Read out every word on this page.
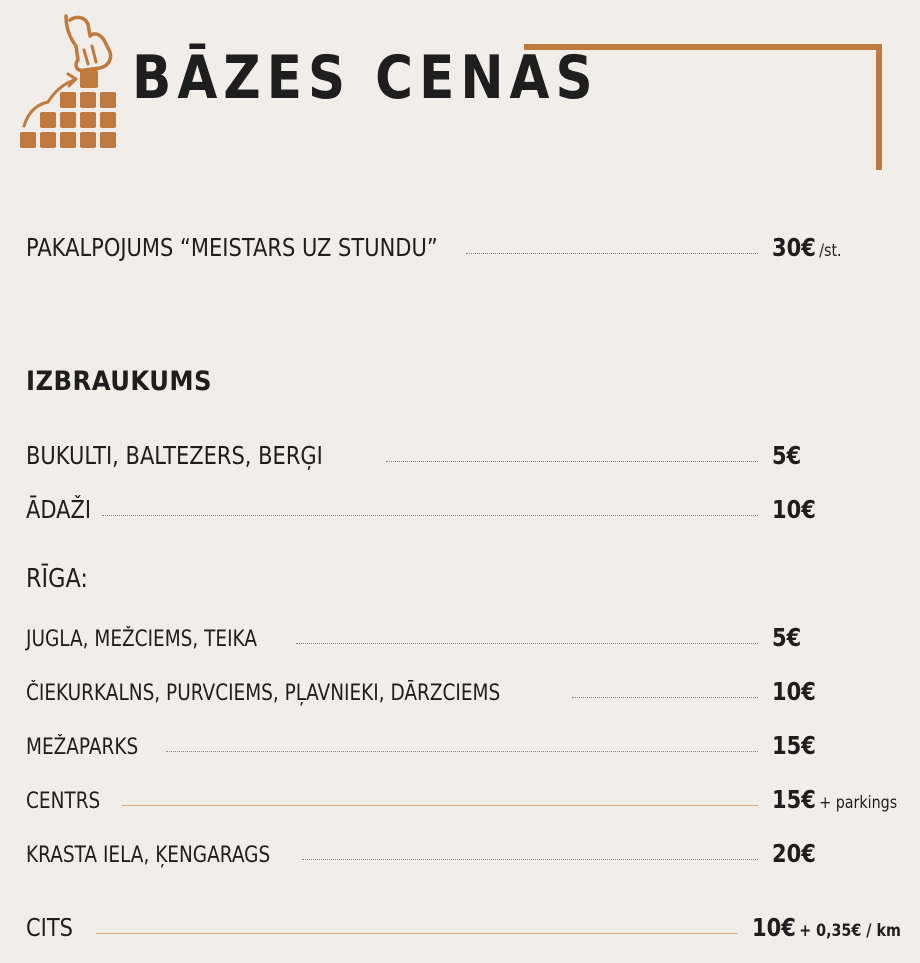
BĀZES CENAS
PAKALPOJUMS “MEISTARS UZ STUNDU”	30€ /st.
IZBRAUKUMS
BUKULTI, BALTEZERS, BERĢI	5€
ĀDAŽI	10€
RĪGA:
JUGLA, MEŽCIEMS, TEIKA	5€
ČIEKURKALNS, PURVCIEMS, PĻAVNIEKI, DĀRZCIEMS	10€
MEŽAPARKS	15€
CENTRS	15€ + parkings
KRASTA IELA, ĶENGARAGS	20€
CITS	10€ + 0,35€ / km
